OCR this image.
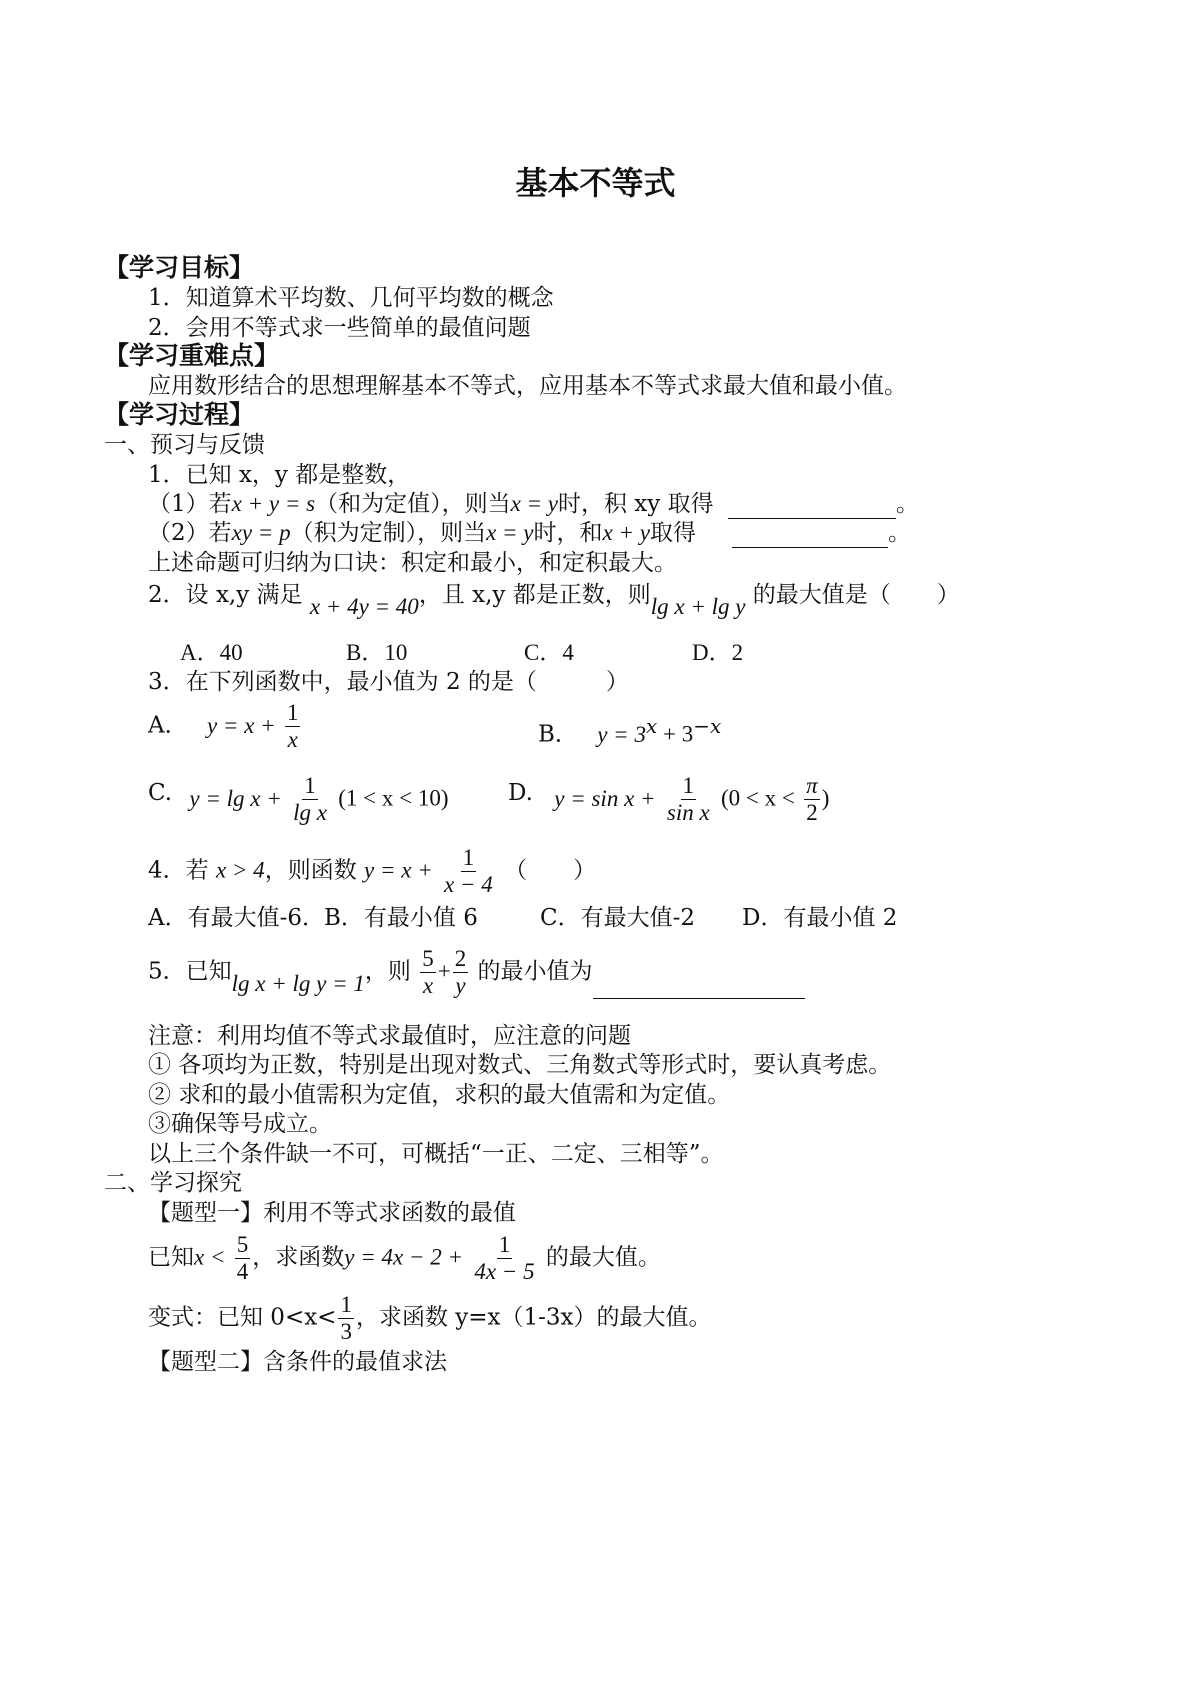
基本不等式
【学习目标】
1．知道算术平均数、几何平均数的概念
2．会用不等式求一些简单的最值问题
【学习重难点】
应用数形结合的思想理解基本不等式，应用基本不等式求最大值和最小值。
【学习过程】
一、预习与反馈
1．已知 x，y 都是整数，
（1）若x + y = s（和为定值），则当x = y时，积 xy 取得	。
（2）若xy = p（积为定制），则当x = y时，和x + y取得	。
上述命题可归纳为口诀：积定和最小，和定积最大。
2．设 x,y 满足 x + 4y = 40，且 x,y 都是正数，则lg x + lg y 的最大值是（　　）
A．40	B．10	C．4	D．2
3．在下列函数中，最小值为 2 的是（　　　）
A． $y = x + \frac{1}{x}$	B． $y = 3^x + 3^{-x}$
C. $y = \lg x + \frac{1}{\text{lg x}} (1 < x < 10)$	D. $y = \sin x + \frac{1}{\text{sin x}} (0 < x < \frac{\pi}{2}$ )
4．若 x > 4，则函数 $y = x + \frac{1}{x - 4}$ （　　）
A．有最大值-6．
B．有最小值 6	C．有最大值-2 D．有最小值 2
5．已知lg x + lg y = 1，则 $\frac{5}{x} + \frac{2}{y}$ 的最小值为
注意：利用均值不等式求最值时，应注意的问题
① 各项均为正数，特别是出现对数式、三角数式等形式时，要认真考虑。
② 求和的最小值需积为定值，求积的最大值需和为定值。
③确保等号成立。
以上三个条件缺一不可，可概括“一正、二定、三相等”。
二、学习探究
【题型一】利用不等式求函数的最值
已知$x < \frac{5}{4}$ ，求函数$y = 4x - 2 + \frac{1}{4x - 5}$ 的最大值。
变式：已知 $0<x< \frac{1}{3}$ ，求函数 y=x（1-3x）的最大值。
【题型二】含条件的最值求法
